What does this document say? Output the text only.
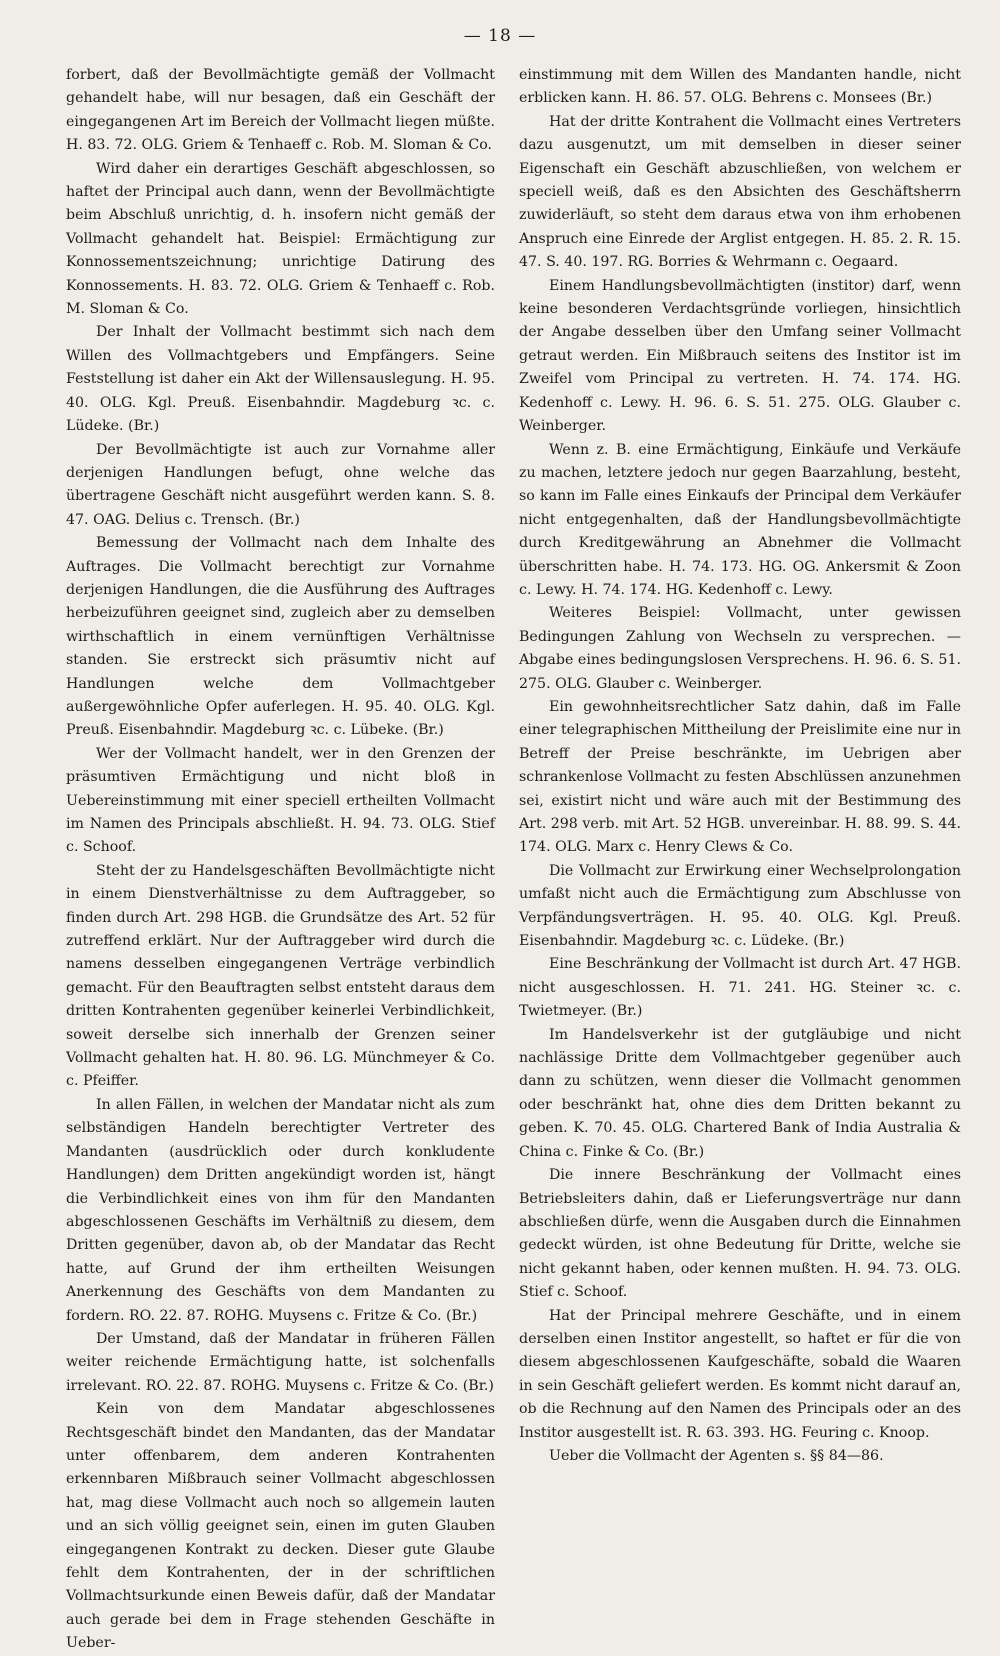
— 18 —

forbert, daß der Bevollmächtigte gemäß der Vollmacht gehandelt habe, will nur besagen, daß ein Geschäft der eingegangenen Art im Bereich der Vollmacht liegen müßte. H. 83. 72. OLG. Griem & Tenhaeff c. Rob. M. Sloman & Co.

Wird daher ein derartiges Geschäft abgeschlossen, so haftet der Principal auch dann, wenn der Bevollmächtigte beim Abschluß unrichtig, d. h. insofern nicht gemäß der Vollmacht gehandelt hat. Beispiel: Ermächtigung zur Konnossementszeichnung; unrichtige Datirung des Konnossements. H. 83. 72. OLG. Griem & Tenhaeff c. Rob. M. Sloman & Co.

Der Inhalt der Vollmacht bestimmt sich nach dem Willen des Vollmachtgebers und Empfängers. Seine Feststellung ist daher ein Akt der Willensauslegung. H. 95. 40. OLG. Kgl. Preuß. Eisenbahndir. Magdeburg ꝛc. c. Lüdeke. (Br.)

Der Bevollmächtigte ist auch zur Vornahme aller derjenigen Handlungen befugt, ohne welche das übertragene Geschäft nicht ausgeführt werden kann. S. 8. 47. OAG. Delius c. Trensch. (Br.)

Bemessung der Vollmacht nach dem Inhalte des Auftrages. Die Vollmacht berechtigt zur Vornahme derjenigen Handlungen, die die Ausführung des Auftrages herbeizuführen geeignet sind, zugleich aber zu demselben wirthschaftlich in einem vernünftigen Verhältnisse standen. Sie erstreckt sich präsumtiv nicht auf Handlungen welche dem Vollmachtgeber außergewöhnliche Opfer auferlegen. H. 95. 40. OLG. Kgl. Preuß. Eisenbahndir. Magdeburg ꝛc. c. Lübeke. (Br.)

Wer der Vollmacht handelt, wer in den Grenzen der präsumtiven Ermächtigung und nicht bloß in Uebereinstimmung mit einer speciell ertheilten Vollmacht im Namen des Principals abschließt. H. 94. 73. OLG. Stief c. Schoof.

Steht der zu Handelsgeschäften Bevollmächtigte nicht in einem Dienstverhältnisse zu dem Auftraggeber, so finden durch Art. 298 HGB. die Grundsätze des Art. 52 für zutreffend erklärt. Nur der Auftraggeber wird durch die namens desselben eingegangenen Verträge verbindlich gemacht. Für den Beauftragten selbst entsteht daraus dem dritten Kontrahenten gegenüber keinerlei Verbindlichkeit, soweit derselbe sich innerhalb der Grenzen seiner Vollmacht gehalten hat. H. 80. 96. LG. Münchmeyer & Co. c. Pfeiffer.

In allen Fällen, in welchen der Mandatar nicht als zum selbständigen Handeln berechtigter Vertreter des Mandanten (ausdrücklich oder durch konkludente Handlungen) dem Dritten angekündigt worden ist, hängt die Verbindlichkeit eines von ihm für den Mandanten abgeschlossenen Geschäfts im Verhältniß zu diesem, dem Dritten gegenüber, davon ab, ob der Mandatar das Recht hatte, auf Grund der ihm ertheilten Weisungen Anerkennung des Geschäfts von dem Mandanten zu fordern. RO. 22. 87. ROHG. Muysens c. Fritze & Co. (Br.)

Der Umstand, daß der Mandatar in früheren Fällen weiter reichende Ermächtigung hatte, ist solchenfalls irrelevant. RO. 22. 87. ROHG. Muysens c. Fritze & Co. (Br.)

Kein von dem Mandatar abgeschlossenes Rechtsgeschäft bindet den Mandanten, das der Mandatar unter offenbarem, dem anderen Kontrahenten erkennbaren Mißbrauch seiner Vollmacht abgeschlossen hat, mag diese Vollmacht auch noch so allgemein lauten und an sich völlig geeignet sein, einen im guten Glauben eingegangenen Kontrakt zu decken. Dieser gute Glaube fehlt dem Kontrahenten, der in der schriftlichen Vollmachtsurkunde einen Beweis dafür, daß der Mandatar auch gerade bei dem in Frage stehenden Geschäfte in Ueber-

einstimmung mit dem Willen des Mandanten handle, nicht erblicken kann. H. 86. 57. OLG. Behrens c. Monsees (Br.)

Hat der dritte Kontrahent die Vollmacht eines Vertreters dazu ausgenutzt, um mit demselben in dieser seiner Eigenschaft ein Geschäft abzuschließen, von welchem er speciell weiß, daß es den Absichten des Geschäftsherrn zuwiderläuft, so steht dem daraus etwa von ihm erhobenen Anspruch eine Einrede der Arglist entgegen. H. 85. 2. R. 15. 47. S. 40. 197. RG. Borries & Wehrmann c. Oegaard.

Einem Handlungsbevollmächtigten (institor) darf, wenn keine besonderen Verdachtsgründe vorliegen, hinsichtlich der Angabe desselben über den Umfang seiner Vollmacht getraut werden. Ein Mißbrauch seitens des Institor ist im Zweifel vom Principal zu vertreten. H. 74. 174. HG. Kedenhoff c. Lewy. H. 96. 6. S. 51. 275. OLG. Glauber c. Weinberger.

Wenn z. B. eine Ermächtigung, Einkäufe und Verkäufe zu machen, letztere jedoch nur gegen Baarzahlung, besteht, so kann im Falle eines Einkaufs der Principal dem Verkäufer nicht entgegenhalten, daß der Handlungsbevollmächtigte durch Kreditgewährung an Abnehmer die Vollmacht überschritten habe. H. 74. 173. HG. OG. Ankersmit & Zoon c. Lewy. H. 74. 174. HG. Kedenhoff c. Lewy.

Weiteres Beispiel: Vollmacht, unter gewissen Bedingungen Zahlung von Wechseln zu versprechen. — Abgabe eines bedingungslosen Versprechens. H. 96. 6. S. 51. 275. OLG. Glauber c. Weinberger.

Ein gewohnheitsrechtlicher Satz dahin, daß im Falle einer telegraphischen Mittheilung der Preislimite eine nur in Betreff der Preise beschränkte, im Uebrigen aber schrankenlose Vollmacht zu festen Abschlüssen anzunehmen sei, existirt nicht und wäre auch mit der Bestimmung des Art. 298 verb. mit Art. 52 HGB. unvereinbar. H. 88. 99. S. 44. 174. OLG. Marx c. Henry Clews & Co.

Die Vollmacht zur Erwirkung einer Wechselprolongation umfaßt nicht auch die Ermächtigung zum Abschlusse von Verpfändungsverträgen. H. 95. 40. OLG. Kgl. Preuß. Eisenbahndir. Magdeburg ꝛc. c. Lüdeke. (Br.)

Eine Beschränkung der Vollmacht ist durch Art. 47 HGB. nicht ausgeschlossen. H. 71. 241. HG. Steiner ꝛc. c. Twietmeyer. (Br.)

Im Handelsverkehr ist der gutgläubige und nicht nachlässige Dritte dem Vollmachtgeber gegenüber auch dann zu schützen, wenn dieser die Vollmacht genommen oder beschränkt hat, ohne dies dem Dritten bekannt zu geben. K. 70. 45. OLG. Chartered Bank of India Australia & China c. Finke & Co. (Br.)

Die innere Beschränkung der Vollmacht eines Betriebsleiters dahin, daß er Lieferungsverträge nur dann abschließen dürfe, wenn die Ausgaben durch die Einnahmen gedeckt würden, ist ohne Bedeutung für Dritte, welche sie nicht gekannt haben, oder kennen mußten. H. 94. 73. OLG. Stief c. Schoof.

Hat der Principal mehrere Geschäfte, und in einem derselben einen Institor angestellt, so haftet er für die von diesem abgeschlossenen Kaufgeschäfte, sobald die Waaren in sein Geschäft geliefert werden. Es kommt nicht darauf an, ob die Rechnung auf den Namen des Principals oder an des Institor ausgestellt ist. R. 63. 393. HG. Feuring c. Knoop.

Ueber die Vollmacht der Agenten s. §§ 84—86.
